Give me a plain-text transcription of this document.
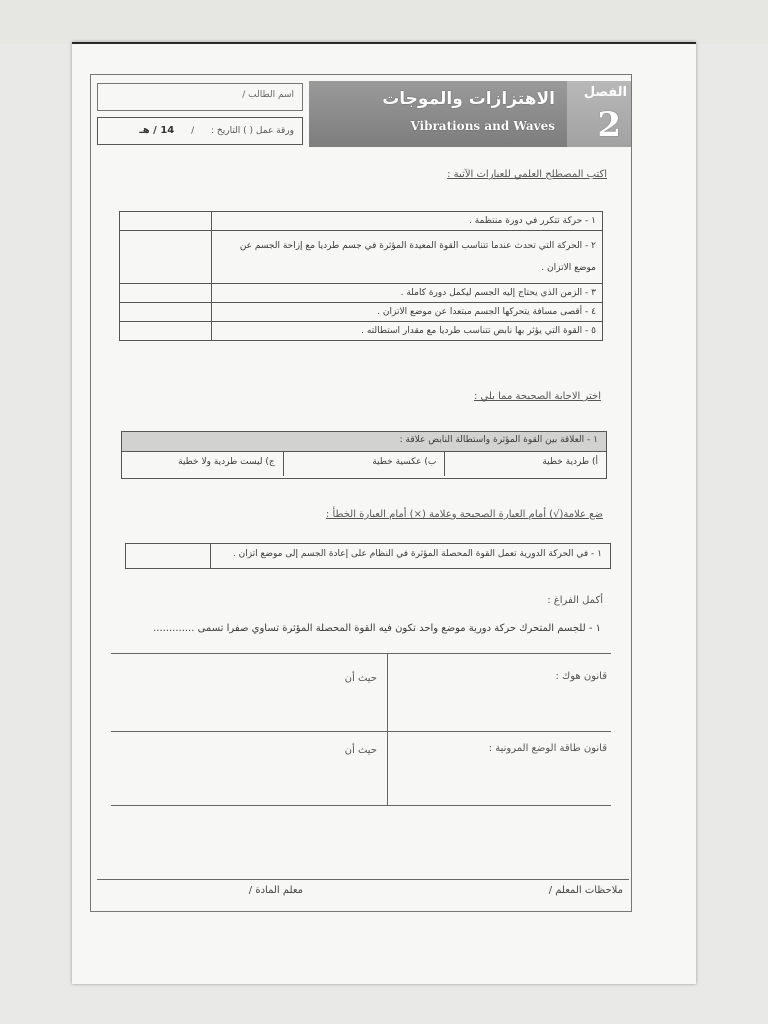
اسم الطالب /
ورقة عمل ( ) التاريخ : / 14 / هـ
الاهتزازات والموجات
Vibrations and Waves
الفصل
2
اكتب المصطلح العلمي للعبارات الآتية :
١ - حركة تتكرر في دورة منتظمة .	
٢ - الحركة التي تحدث عندما تتناسب القوة المعيدة المؤثرة في جسم طرديا مع إزاحة الجسم عن موضع الاتزان .	
٣ - الزمن الذي يحتاج إليه الجسم ليكمل دورة كاملة .	
٤ - أقصى مسافة يتحركها الجسم مبتعدا عن موضع الاتزان .	
٥ - القوة التي يؤثر بها نابض تتناسب طرديا مع مقدار استطالته .	
اختر الاجابة الصحيحة مما يلي :
١ - العلاقة بين القوة المؤثرة واستطالة النابض علاقة :
أ) طردية خطية
ب) عكسية خطية
ج) ليست طردية ولا خطية
ضع علامة(√) أمام العبارة الصحيحة وعلامة (×) أمام العبارة الخطأ :
١ - في الحركة الدورية تعمل القوة المحصلة المؤثرة في النظام على إعادة الجسم إلى موضع اتزان .
أكمل الفراغ :
١ - للجسم المتحرك حركة دورية موضع واحد تكون فيه القوة المحصلة المؤثرة تساوي صفرا تسمى .............
قانون هوك :
حيث أن
قانون طاقة الوضع المرونية :
حيث أن
ملاحظات المعلم /
معلم المادة /
